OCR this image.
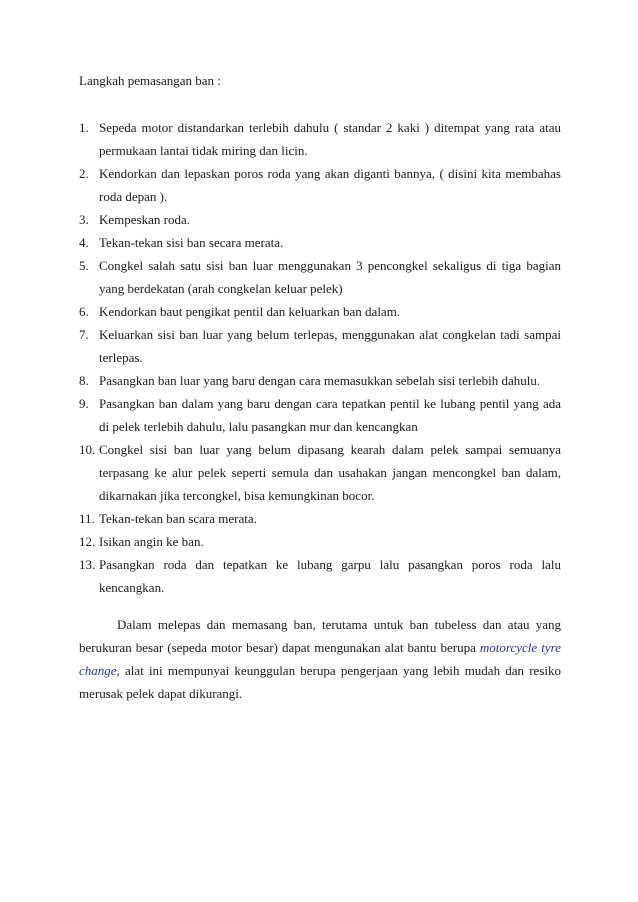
Langkah pemasangan ban :
1. Sepeda motor distandarkan terlebih dahulu ( standar 2 kaki ) ditempat yang rata atau permukaan lantai tidak miring dan licin.
2. Kendorkan dan lepaskan poros roda yang akan diganti bannya, ( disini kita membahas roda depan ).
3. Kempeskan roda.
4. Tekan-tekan sisi ban secara merata.
5. Congkel salah satu sisi ban luar menggunakan 3 pencongkel sekaligus di tiga bagian yang berdekatan (arah congkelan keluar pelek)
6. Kendorkan baut pengikat pentil dan keluarkan ban dalam.
7. Keluarkan sisi ban luar yang belum terlepas, menggunakan alat congkelan tadi sampai terlepas.
8. Pasangkan ban luar yang baru dengan cara memasukkan sebelah sisi terlebih dahulu.
9. Pasangkan ban dalam yang baru dengan cara tepatkan pentil ke lubang pentil yang ada di pelek terlebih dahulu, lalu pasangkan mur dan kencangkan
10. Congkel sisi ban luar yang belum dipasang kearah dalam pelek sampai semuanya terpasang ke alur pelek seperti semula dan usahakan jangan mencongkel ban dalam, dikarnakan jika tercongkel, bisa kemungkinan bocor.
11. Tekan-tekan ban scara merata.
12. Isikan angin ke ban.
13. Pasangkan roda dan tepatkan ke lubang garpu lalu pasangkan poros roda lalu kencangkan.

Dalam melepas dan memasang ban, terutama untuk ban tubeless dan atau yang berukuran besar (sepeda motor besar) dapat mengunakan alat bantu berupa motorcycle tyre change, alat ini mempunyai keunggulan berupa pengerjaan yang lebih mudah dan resiko merusak pelek dapat dikurangi.
